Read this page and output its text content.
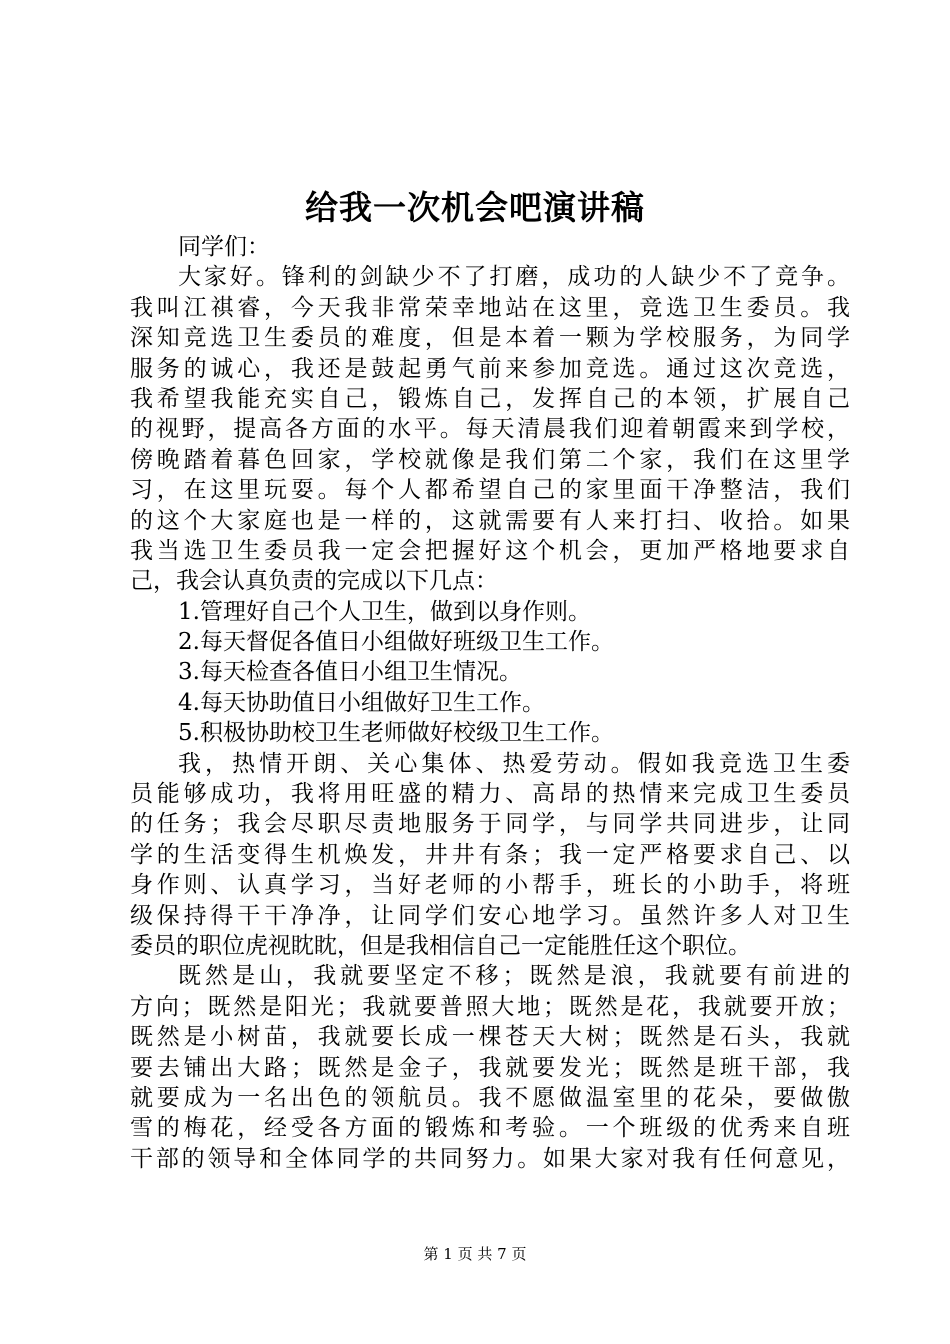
给我一次机会吧演讲稿
同学们：
大家好。锋利的剑缺少不了打磨，成功的人缺少不了竞争。
我叫江祺睿，今天我非常荣幸地站在这里，竞选卫生委员。我
深知竞选卫生委员的难度，但是本着一颗为学校服务，为同学
服务的诚心，我还是鼓起勇气前来参加竞选。通过这次竞选，
我希望我能充实自己，锻炼自己，发挥自己的本领，扩展自己
的视野，提高各方面的水平。每天清晨我们迎着朝霞来到学校，
傍晚踏着暮色回家，学校就像是我们第二个家，我们在这里学
习，在这里玩耍。每个人都希望自己的家里面干净整洁，我们
的这个大家庭也是一样的，这就需要有人来打扫、收拾。如果
我当选卫生委员我一定会把握好这个机会，更加严格地要求自
己，我会认真负责的完成以下几点：
1.管理好自己个人卫生，做到以身作则。
2.每天督促各值日小组做好班级卫生工作。
3.每天检查各值日小组卫生情况。
4.每天协助值日小组做好卫生工作。
5.积极协助校卫生老师做好校级卫生工作。
我，热情开朗、关心集体、热爱劳动。假如我竞选卫生委
员能够成功，我将用旺盛的精力、高昂的热情来完成卫生委员
的任务；我会尽职尽责地服务于同学，与同学共同进步，让同
学的生活变得生机焕发，井井有条；我一定严格要求自己、以
身作则、认真学习，当好老师的小帮手，班长的小助手，将班
级保持得干干净净，让同学们安心地学习。虽然许多人对卫生
委员的职位虎视眈眈，但是我相信自己一定能胜任这个职位。
既然是山，我就要坚定不移；既然是浪，我就要有前进的
方向；既然是阳光；我就要普照大地；既然是花，我就要开放；
既然是小树苗，我就要长成一棵苍天大树；既然是石头，我就
要去铺出大路；既然是金子，我就要发光；既然是班干部，我
就要成为一名出色的领航员。我不愿做温室里的花朵，要做傲
雪的梅花，经受各方面的锻炼和考验。一个班级的优秀来自班
干部的领导和全体同学的共同努力。如果大家对我有任何意见，
第 1 页 共 7 页
